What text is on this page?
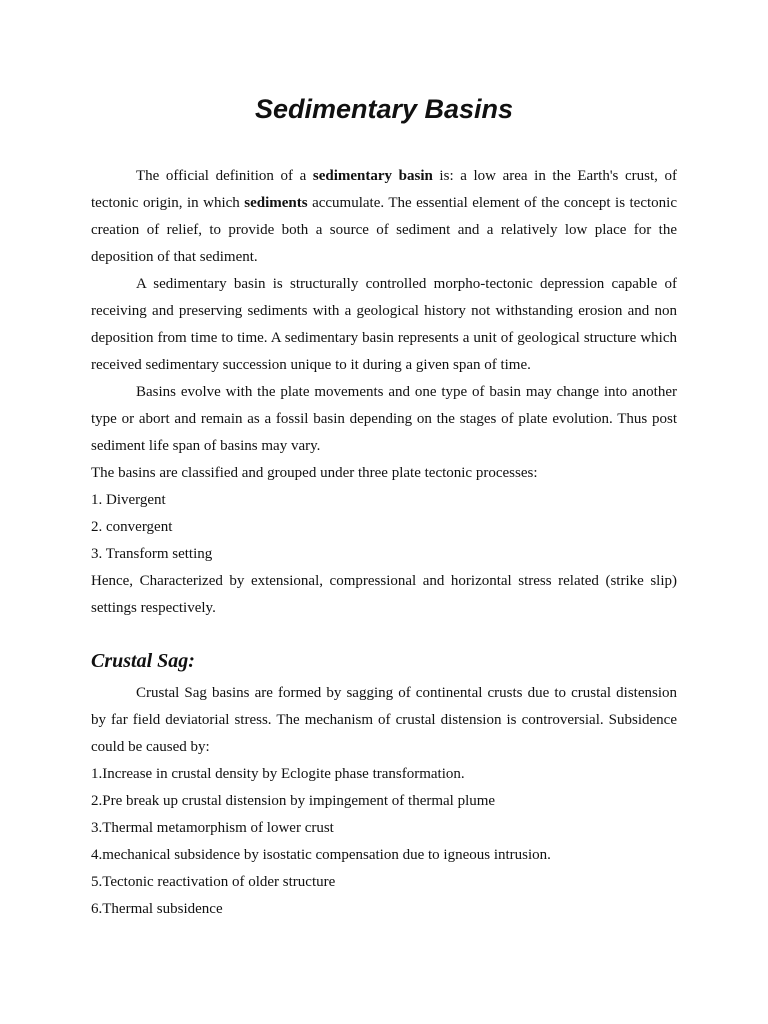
Sedimentary Basins

The official definition of a sedimentary basin is: a low area in the Earth's crust, of tectonic origin, in which sediments accumulate. The essential element of the concept is tectonic creation of relief, to provide both a source of sediment and a relatively low place for the deposition of that sediment.

A sedimentary basin is structurally controlled morpho-tectonic depression capable of receiving and preserving sediments with a geological history not withstanding erosion and non deposition from time to time. A sedimentary basin represents a unit of geological structure which received sedimentary succession unique to it during a given span of time.

Basins evolve with the plate movements and one type of basin may change into another type or abort and remain as a fossil basin depending on the stages of plate evolution. Thus post sediment life span of basins may vary.

The basins are classified and grouped under three plate tectonic processes:

1. Divergent

2. convergent

3. Transform setting

Hence, Characterized by extensional, compressional and horizontal stress related (strike slip) settings respectively.

Crustal Sag:

Crustal Sag basins are formed by sagging of continental crusts due to crustal distension by far field deviatorial stress. The mechanism of crustal distension is controversial. Subsidence could be caused by:

1.Increase in crustal density by Eclogite phase transformation.

2.Pre break up crustal distension by impingement of thermal plume

3.Thermal metamorphism of lower crust

4.mechanical subsidence by isostatic compensation due to igneous intrusion.

5.Tectonic reactivation of older structure

6.Thermal subsidence
